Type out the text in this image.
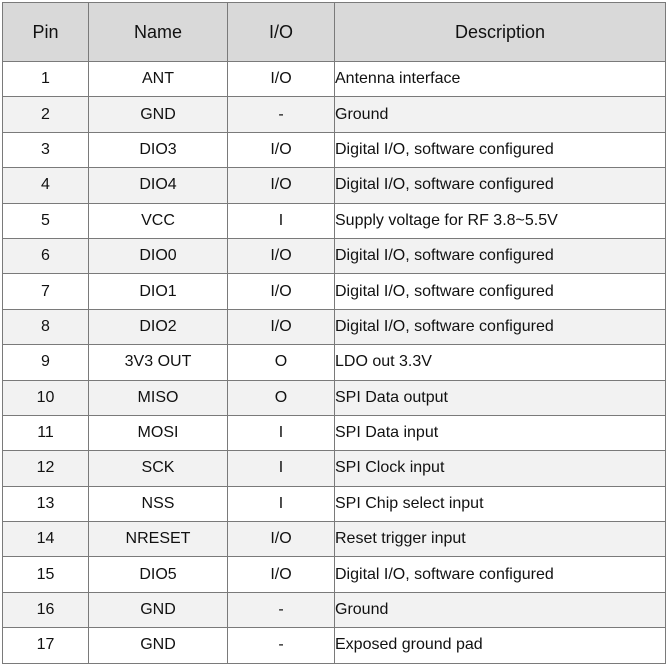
Pin	Name	I/O	Description
1	ANT	I/O	Antenna interface
2	GND	-	Ground
3	DIO3	I/O	Digital I/O, software configured
4	DIO4	I/O	Digital I/O, software configured
5	VCC	I	Supply voltage for RF 3.8~5.5V
6	DIO0	I/O	Digital I/O, software configured
7	DIO1	I/O	Digital I/O, software configured
8	DIO2	I/O	Digital I/O, software configured
9	3V3 OUT	O	LDO out 3.3V
10	MISO	O	SPI Data output
11	MOSI	I	SPI Data input
12	SCK	I	SPI Clock input
13	NSS	I	SPI Chip select input
14	NRESET	I/O	Reset trigger input
15	DIO5	I/O	Digital I/O, software configured
16	GND	-	Ground
17	GND	-	Exposed ground pad
